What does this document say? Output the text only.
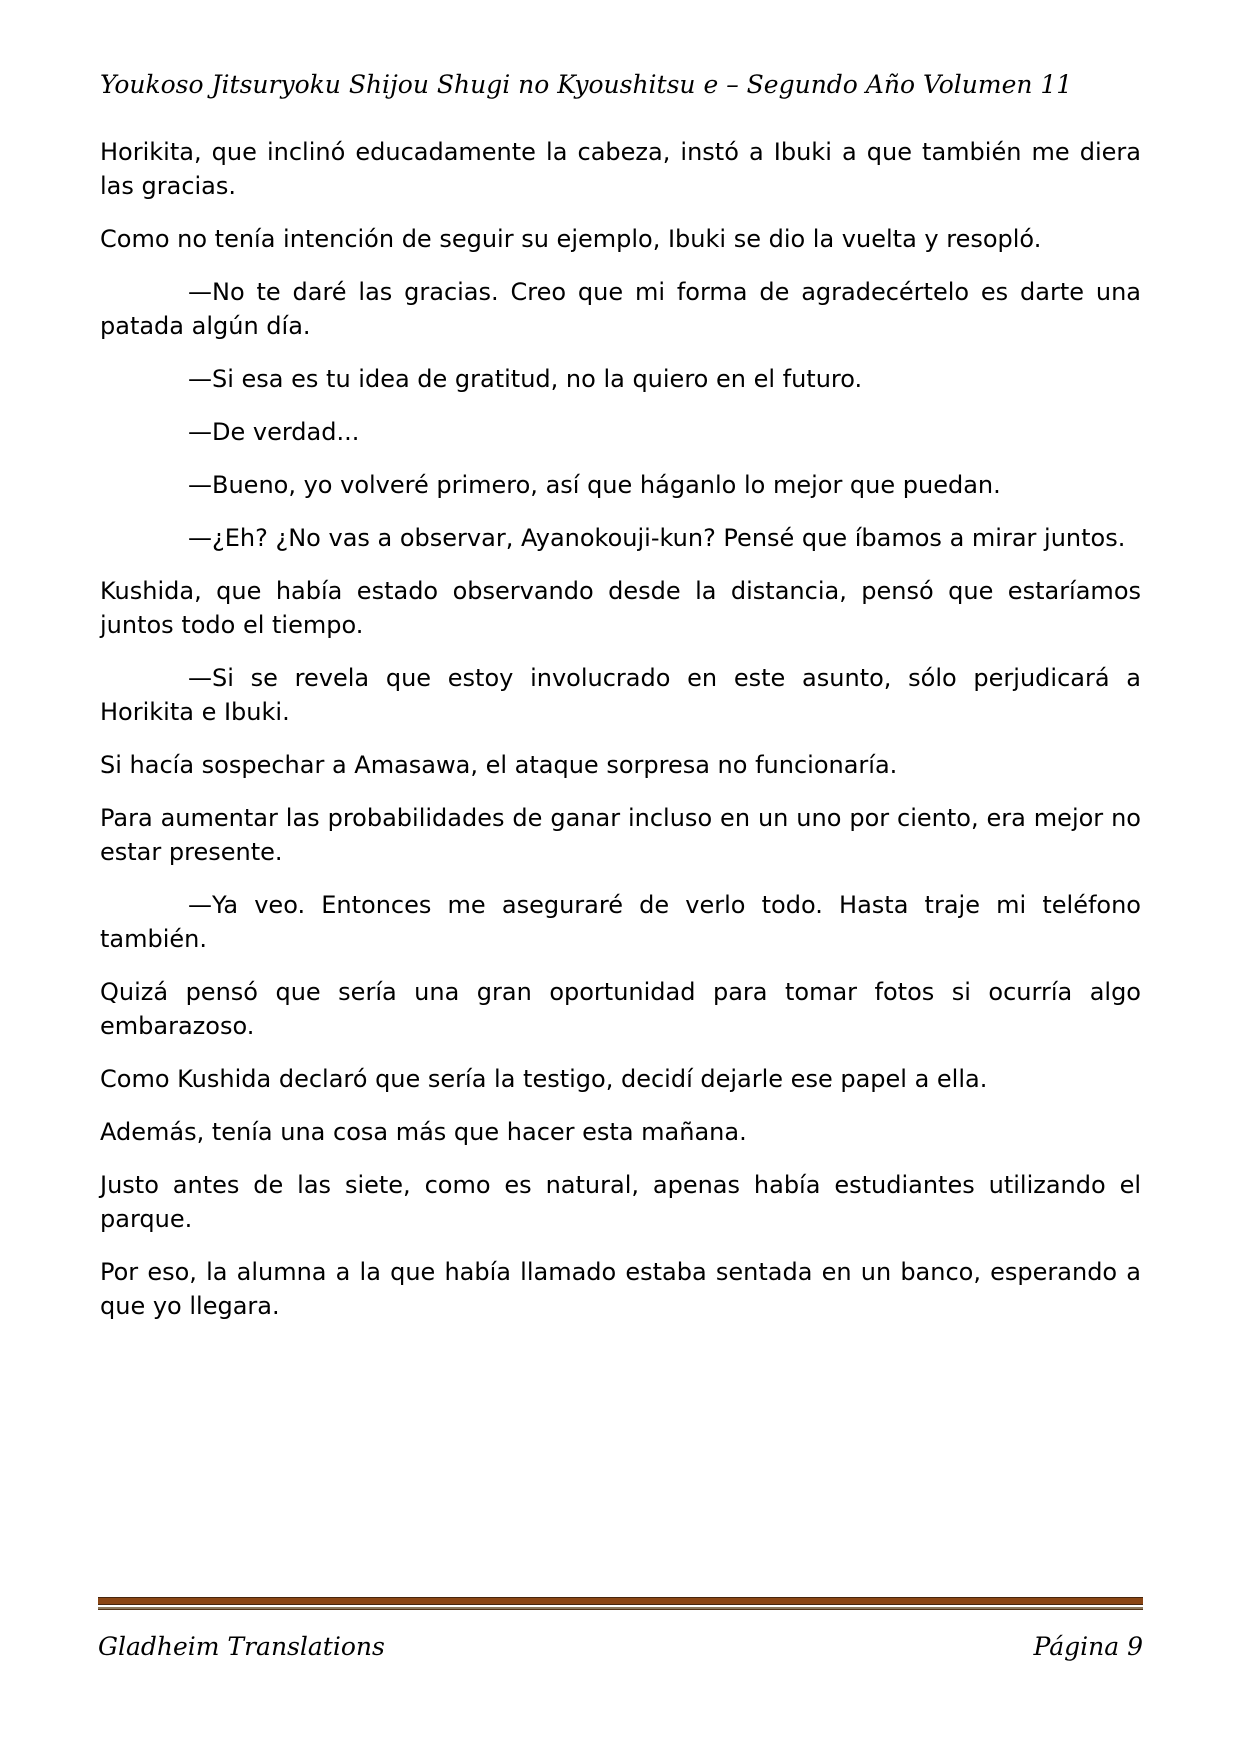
Youkoso Jitsuryoku Shijou Shugi no Kyoushitsu e – Segundo Año Volumen 11

Horikita, que inclinó educadamente la cabeza, instó a Ibuki a que también me diera las gracias.

Como no tenía intención de seguir su ejemplo, Ibuki se dio la vuelta y resopló.

—No te daré las gracias. Creo que mi forma de agradecértelo es darte una patada algún día.

—Si esa es tu idea de gratitud, no la quiero en el futuro.

—De verdad...

—Bueno, yo volveré primero, así que háganlo lo mejor que puedan.

—¿Eh? ¿No vas a observar, Ayanokouji-kun? Pensé que íbamos a mirar juntos.

Kushida, que había estado observando desde la distancia, pensó que estaríamos juntos todo el tiempo.

—Si se revela que estoy involucrado en este asunto, sólo perjudicará a Horikita e Ibuki.

Si hacía sospechar a Amasawa, el ataque sorpresa no funcionaría.

Para aumentar las probabilidades de ganar incluso en un uno por ciento, era mejor no estar presente.

—Ya veo. Entonces me aseguraré de verlo todo. Hasta traje mi teléfono también.

Quizá pensó que sería una gran oportunidad para tomar fotos si ocurría algo embarazoso.

Como Kushida declaró que sería la testigo, decidí dejarle ese papel a ella.

Además, tenía una cosa más que hacer esta mañana.

Justo antes de las siete, como es natural, apenas había estudiantes utilizando el parque.

Por eso, la alumna a la que había llamado estaba sentada en un banco, esperando a que yo llegara.

Gladheim Translations	Página 9
